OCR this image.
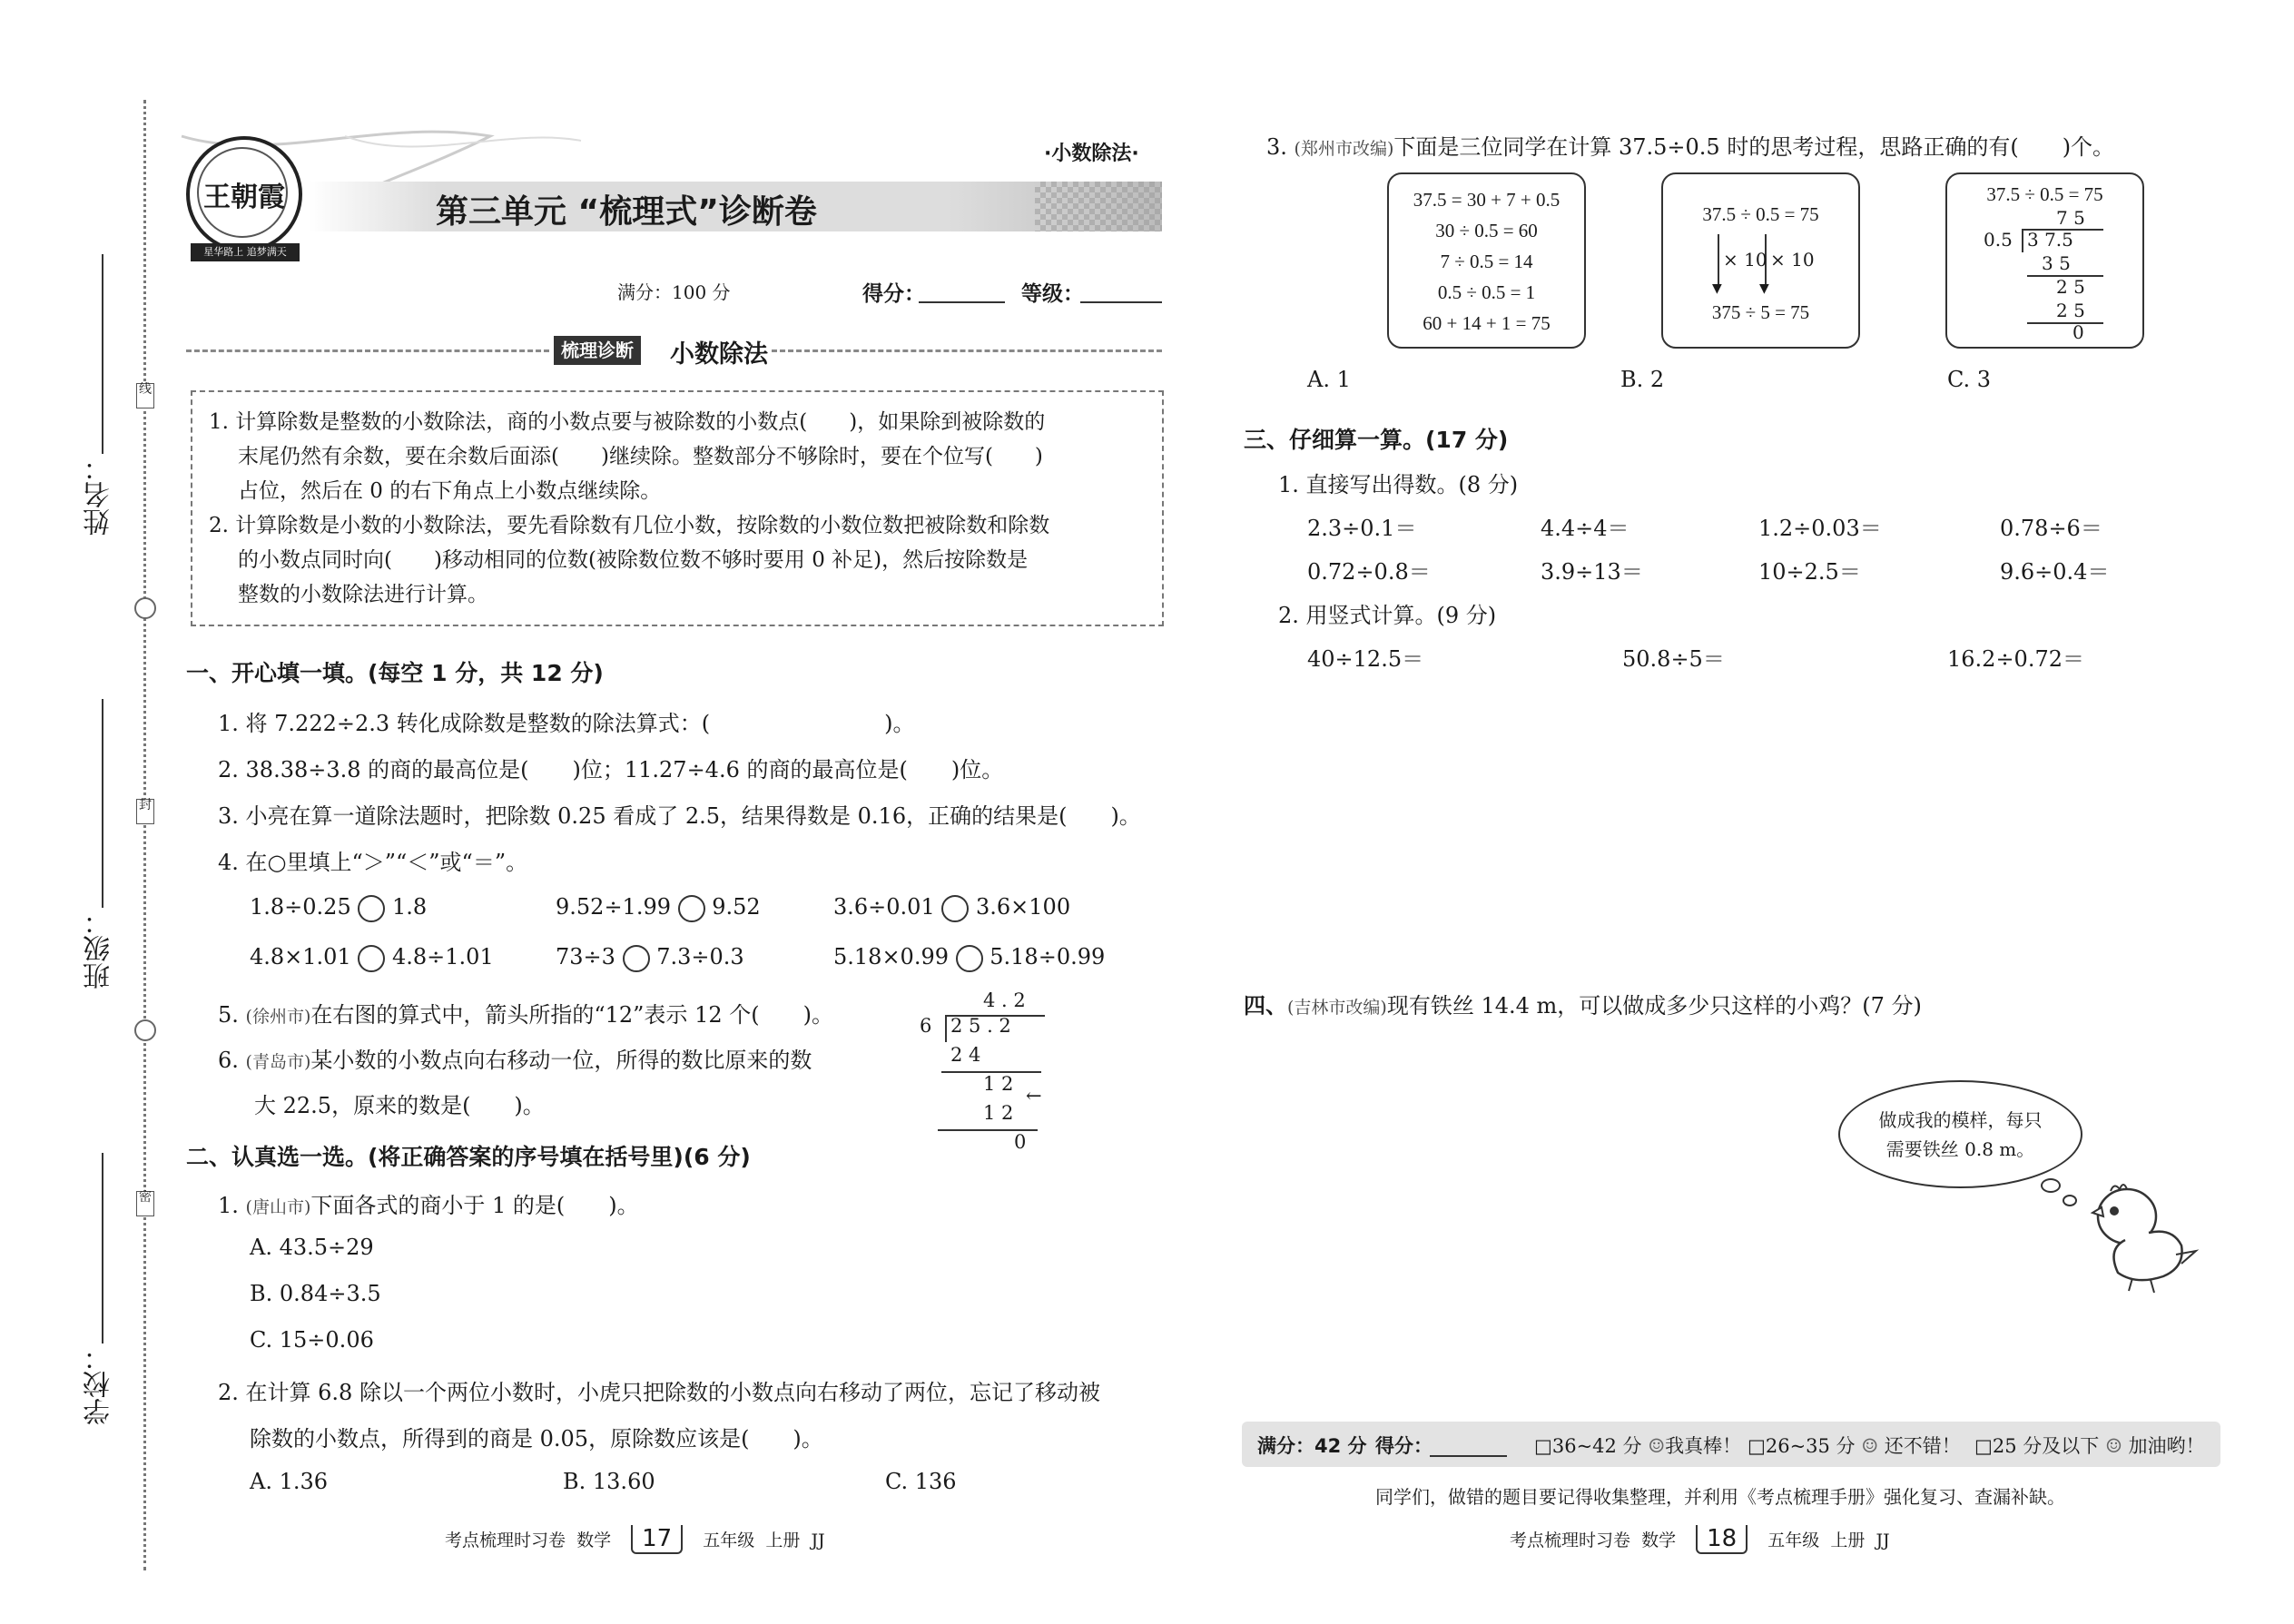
线
封
密
姓名：
班级：
学校：
王朝霞
星华路上 追梦满天
·小数除法·
第三单元 “梳理式”诊断卷
满分：100 分	得分：	等级：
梳理诊断 小数除法
1. 计算除数是整数的小数除法，商的小数点要与被除数的小数点(　　)，如果除到被除数的
末尾仍然有余数，要在余数后面添(　　)继续除。整数部分不够除时，要在个位写(　　)
占位，然后在 0 的右下角点上小数点继续除。
2. 计算除数是小数的小数除法，要先看除数有几位小数，按除数的小数位数把被除数和除数
的小数点同时向(　　)移动相同的位数(被除数位数不够时要用 0 补足)，然后按除数是
整数的小数除法进行计算。
一、开心填一填。(每空 1 分，共 12 分)
1. 将 7.222÷2.3 转化成除数是整数的除法算式：(　　　　　　　　)。
2. 38.38÷3.8 的商的最高位是(　　)位；11.27÷4.6 的商的最高位是(　　)位。
3. 小亮在算一道除法题时，把除数 0.25 看成了 2.5，结果得数是 0.16，正确的结果是(　　)。
4. 在○里填上“＞”“＜”或“＝”。
1.8÷0.25 1.8	9.52÷1.99 9.52	3.6÷0.01 3.6×100
4.8×1.01 4.8÷1.01	73÷3 7.3÷0.3	5.18×0.99 5.18÷0.99
5. (徐州市)在右图的算式中，箭头所指的“12”表示 12 个(　　)。
6. (青岛市)某小数的小数点向右移动一位，所得的数比原来的数
大 22.5，原来的数是(　　)。
4 . 2
6 2 5 . 2
2 4
1 2
←
1 2
0
二、认真选一选。(将正确答案的序号填在括号里)(6 分)
1. (唐山市)下面各式的商小于 1 的是(　　)。
A. 43.5÷29
B. 0.84÷3.5
C. 15÷0.06
2. 在计算 6.8 除以一个两位小数时，小虎只把除数的小数点向右移动了两位，忘记了移动被
除数的小数点，所得到的商是 0.05，原除数应该是(　　)。
A. 1.36	B. 13.60	C. 136
考点梳理时习卷 数学 17 五年级 上册 JJ
3. (郑州市改编)下面是三位同学在计算 37.5÷0.5 时的思考过程，思路正确的有(　　)个。
37.5 = 30 + 7 + 0.5
30 ÷ 0.5 = 60
7 ÷ 0.5 = 14
0.5 ÷ 0.5 = 1
60 + 14 + 1 = 75
37.5 ÷ 0.5 = 75
▼	▼
× 10 × 10
375 ÷ 5 = 75
37.5 ÷ 0.5 = 75
7 5
0.5 3 7.5
3 5
2 5
2 5
0
A. 1	B. 2	C. 3
三、仔细算一算。(17 分)
1. 直接写出得数。(8 分)
2.3÷0.1＝	4.4÷4＝	1.2÷0.03＝	0.78÷6＝
0.72÷0.8＝	3.9÷13＝	10÷2.5＝	9.6÷0.4＝
2. 用竖式计算。(9 分)
40÷12.5＝	50.8÷5＝	16.2÷0.72＝
四、(吉林市改编)现有铁丝 14.4 m，可以做成多少只这样的小鸡？(7 分)
做成我的模样，每只
需要铁丝 0.8 m。
满分：42 分 得分：	□36~42 分 ☺我真棒！ □26~35 分 ☺ 还不错！ □25 分及以下 ☺ 加油哟！
同学们，做错的题目要记得收集整理，并利用《考点梳理手册》强化复习、查漏补缺。
考点梳理时习卷 数学 18 五年级 上册 JJ
